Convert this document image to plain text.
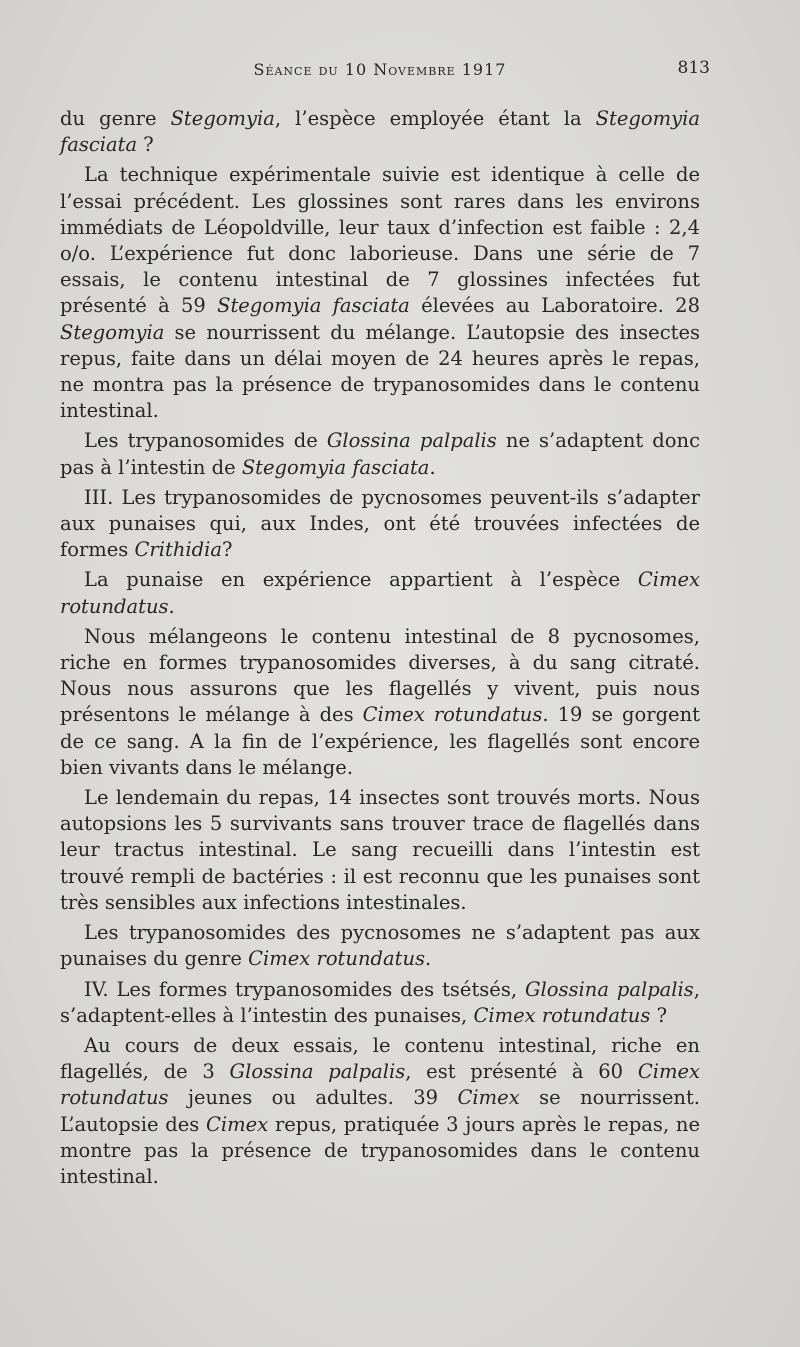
Séance du 10 Novembre 1917	813

du genre Stegomyia, l’espèce employée étant la Stegomyia fasciata ?

La technique expérimentale suivie est identique à celle de l’essai précédent. Les glossines sont rares dans les environs immédiats de Léopoldville, leur taux d’infection est faible : 2,4 o/o. L’expérience fut donc laborieuse. Dans une série de 7 essais, le contenu intestinal de 7 glossines infectées fut présenté à 59 Stegomyia fasciata élevées au Laboratoire. 28 Stegomyia se nourrissent du mélange. L’autopsie des insectes repus, faite dans un délai moyen de 24 heures après le repas, ne montra pas la présence de trypanosomides dans le contenu intestinal.

Les trypanosomides de Glossina palpalis ne s’adaptent donc pas à l’intestin de Stegomyia fasciata.

III. Les trypanosomides de pycnosomes peuvent-ils s’adapter aux punaises qui, aux Indes, ont été trouvées infectées de formes Crithidia?

La punaise en expérience appartient à l’espèce Cimex rotundatus.

Nous mélangeons le contenu intestinal de 8 pycnosomes, riche en formes trypanosomides diverses, à du sang citraté. Nous nous assurons que les flagellés y vivent, puis nous présentons le mélange à des Cimex rotundatus. 19 se gorgent de ce sang. A la fin de l’expérience, les flagellés sont encore bien vivants dans le mélange.

Le lendemain du repas, 14 insectes sont trouvés morts. Nous autopsions les 5 survivants sans trouver trace de flagellés dans leur tractus intestinal. Le sang recueilli dans l’intestin est trouvé rempli de bactéries : il est reconnu que les punaises sont très sensibles aux infections intestinales.

Les trypanosomides des pycnosomes ne s’adaptent pas aux punaises du genre Cimex rotundatus.

IV. Les formes trypanosomides des tsétsés, Glossina palpalis, s’adaptent-elles à l’intestin des punaises, Cimex rotundatus ?

Au cours de deux essais, le contenu intestinal, riche en flagellés, de 3 Glossina palpalis, est présenté à 60 Cimex rotundatus jeunes ou adultes. 39 Cimex se nourrissent. L’autopsie des Cimex repus, pratiquée 3 jours après le repas, ne montre pas la présence de trypanosomides dans le contenu intestinal.
